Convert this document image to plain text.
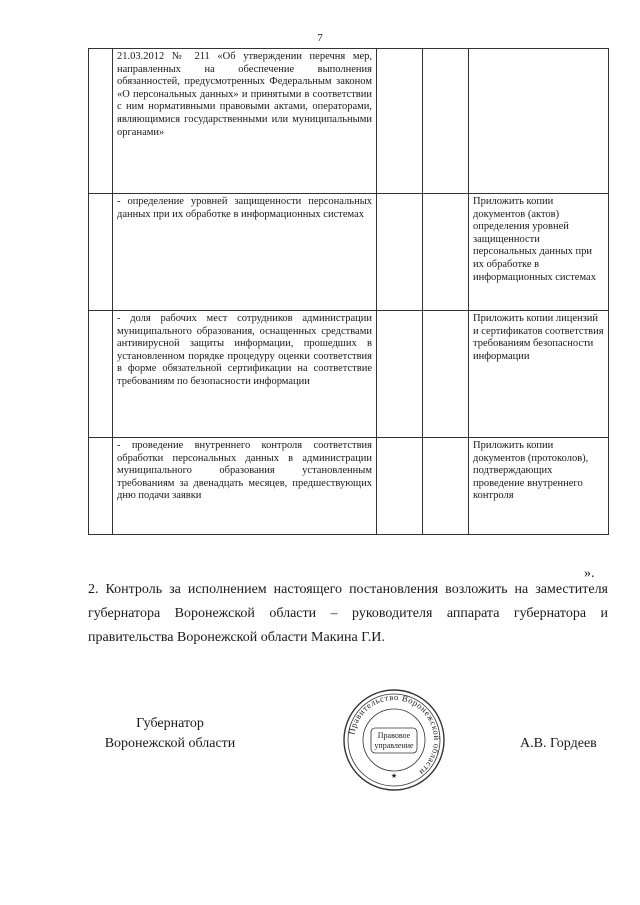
7
	21.03.2012 № 211 «Об утверждении перечня мер, направленных на обеспечение выполнения обязанностей, предусмотренных Федеральным законом «О персональных данных» и принятыми в соответствии с ним нормативными правовыми актами, операторами, являющимися государственными или муниципальными органами»			
	- определение уровней защищенности персональных данных при их обработке в информационных системах			Приложить копии документов (актов) определения уровней защищенности персональных данных при их обработке в информационных системах
	- доля рабочих мест сотрудников администрации муниципального образования, оснащенных средствами антивирусной защиты информации, прошедших в установленном порядке процедуру оценки соответствия в форме обязательной сертификации на соответствие требованиям по безопасности информации			Приложить копии лицензий и сертификатов соответствия требованиям безопасности информации
	- проведение внутреннего контроля соответствия обработки персональных данных в администрации муниципального образования установленным требованиям за двенадцать месяцев, предшествующих дню подачи заявки			Приложить копии документов (протоколов), подтверждающих проведение внутреннего контроля
».
2. Контроль за исполнением настоящего постановления возложить на заместителя губернатора Воронежской области – руководителя аппарата губернатора и правительства Воронежской области Макина Г.И.
Губернатор
Воронежской области
Правительство Воронежской области
Правовое
управление
★
А.В. Гордеев
